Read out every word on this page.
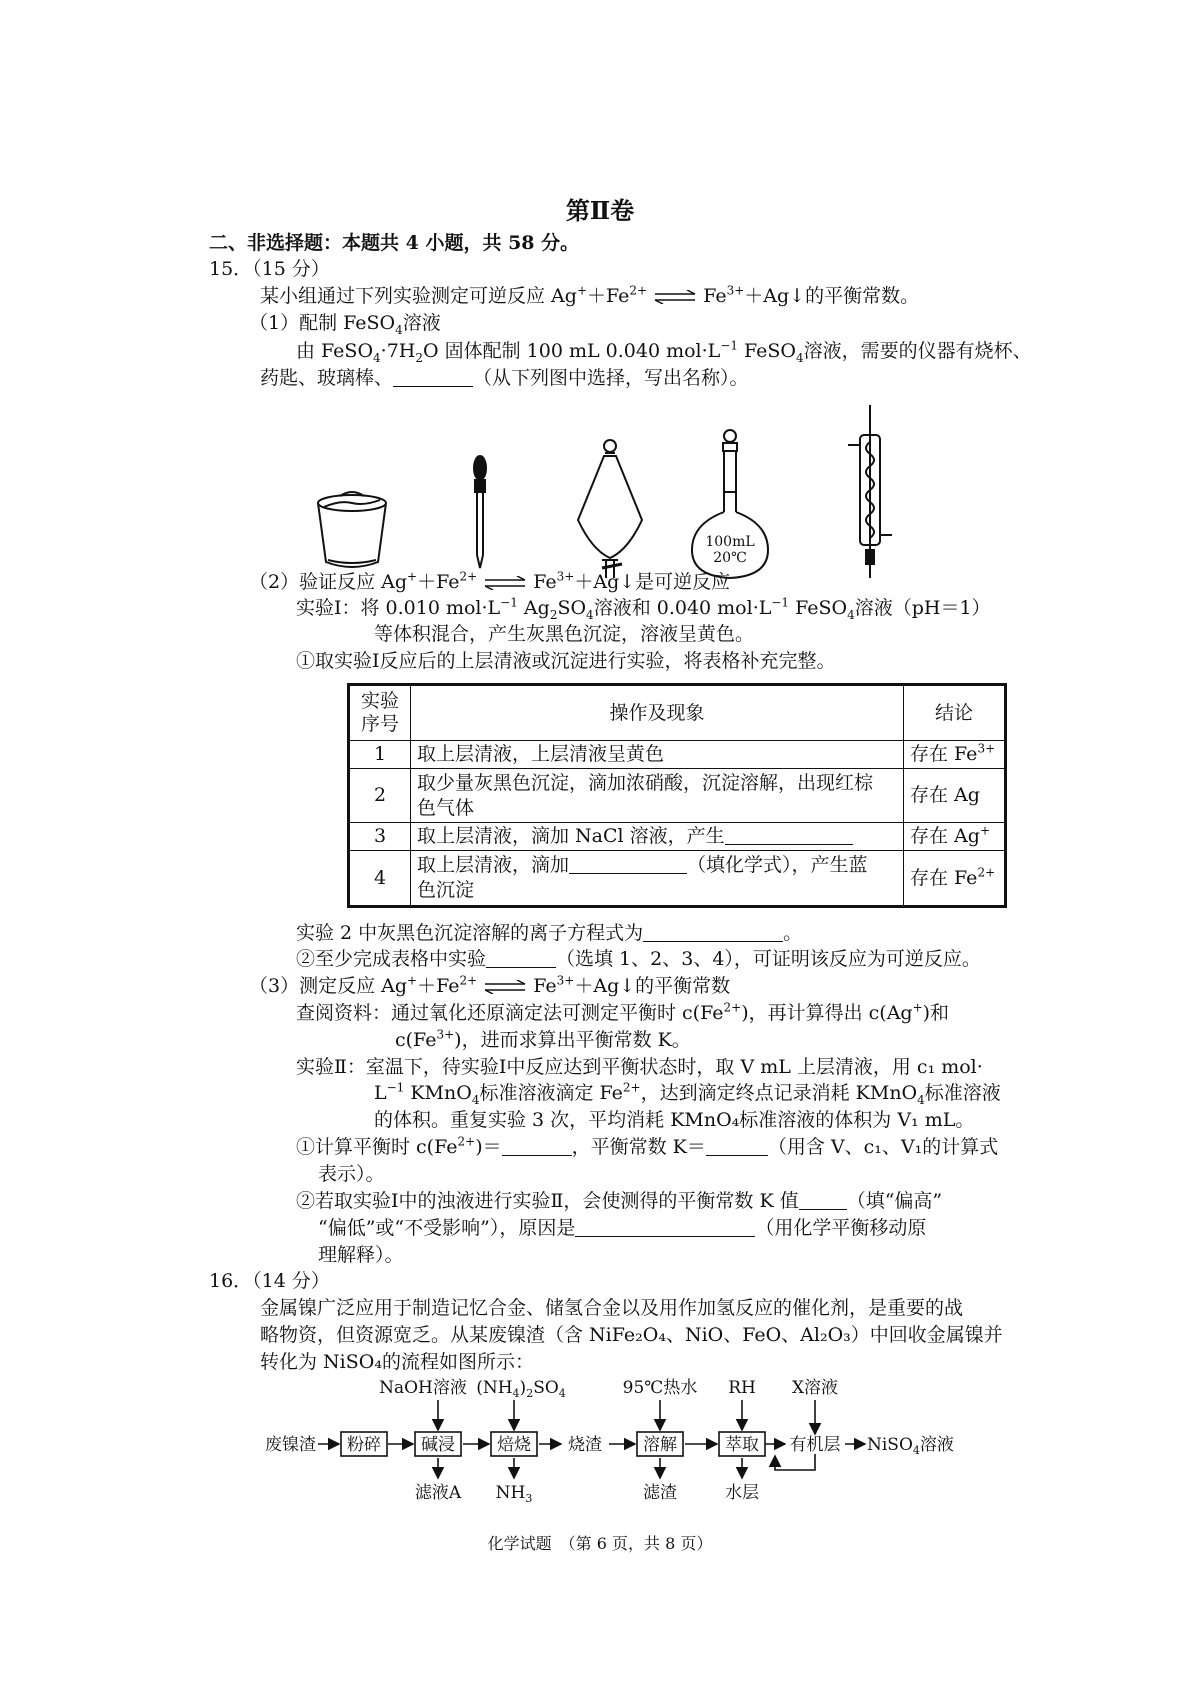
第Ⅱ卷
二、非选择题：本题共 4 小题，共 58 分。
15．（15 分）
某小组通过下列实验测定可逆反应 $Ag^++Fe^{2+}$ ⇌ $Fe^{3+}+Ag↓$的平衡常数。
（1）配制 FeSO$_4$溶液
由 $FeSO_4\cdot 7H_2O$ 固体配制 100 mL 0.040 $mol\cdot L^{-1}$ FeSO$_4$溶液，需要的仪器有烧杯、
药匙、玻璃棒、	（从下列图中选择，写出名称）。
100mL
20℃
（2）验证反应 $Ag^++Fe^{2+}$ ⇌ $Fe^{3+}+Ag↓$是可逆反应
实验Ⅰ：将 0.010 $mol\cdot L^{-1}$ $Ag_2SO_4$溶液和 0.040 $mol\cdot L^{-1}$ FeSO$_4$溶液（pH＝1）
等体积混合，产生灰黑色沉淀，溶液呈黄色。
①取实验Ⅰ反应后的上层清液或沉淀进行实验，将表格补充完整。
实验
序号	操作及现象	结论
1	取上层清液，上层清液呈黄色	存在 $Fe^{3+}$
2	取少量灰黑色沉淀，滴加浓硝酸，沉淀溶解，出现红棕
色气体	存在 Ag
3	取上层清液，滴加 NaCl 溶液，产生	存在 Ag+
4	取上层清液，滴加 （填化学式），产生蓝
色沉淀	存在 $Fe^{2+}$
实验 2 中灰黑色沉淀溶解的离子方程式为	。
②至少完成表格中实验	（选填 1、2、3、4），可证明该反应为可逆反应。
（3）测定反应 $Ag^++Fe^{2+}$ ⇌ $Fe^{3+}+Ag↓$的平衡常数
查阅资料：通过氧化还原滴定法可测定平衡时 $c(Fe^{2+})$，再计算得出 c(Ag+)和
$c(Fe^{3+})$，进而求算出平衡常数 K。
实验Ⅱ：室温下，待实验Ⅰ中反应达到平衡状态时，取 V mL 上层清液，用 c₁ mol·
$L^{-1}$ KMnO$_4$标准溶液滴定 $Fe^{2+}$，达到滴定终点记录消耗 KMnO$_4$标准溶液
的体积。重复实验 3 次，平均消耗 KMnO₄标准溶液的体积为 V₁ mL。
①计算平衡时 $c(Fe^{2+})=$	，平衡常数 K＝	（用含 V、c₁、V₁的计算式
表示）。
②若取实验Ⅰ中的浊液进行实验Ⅱ，会使测得的平衡常数 K 值	（填“偏高”
“偏低”或“不受影响”），原因是	（用化学平衡移动原
理解释）。
16．（14 分）
金属镍广泛应用于制造记忆合金、储氢合金以及用作加氢反应的催化剂，是重要的战
略物资，但资源宽乏。从某废镍渣（含 NiFe₂O₄、NiO、FeO、Al₂O₃）中回收金属镍并
转化为 NiSO₄的流程如图所示：
废镍渣 粉碎 碱浸 焙烧 烧渣 溶解	萃取 有机层 NiSO$_4$溶液
NaOH溶液 $(NH_4)_2SO_4$	95℃热水 RH X溶液
滤液A $NH_3$	滤渣	水层
化学试题　（第 6 页，共 8 页）
